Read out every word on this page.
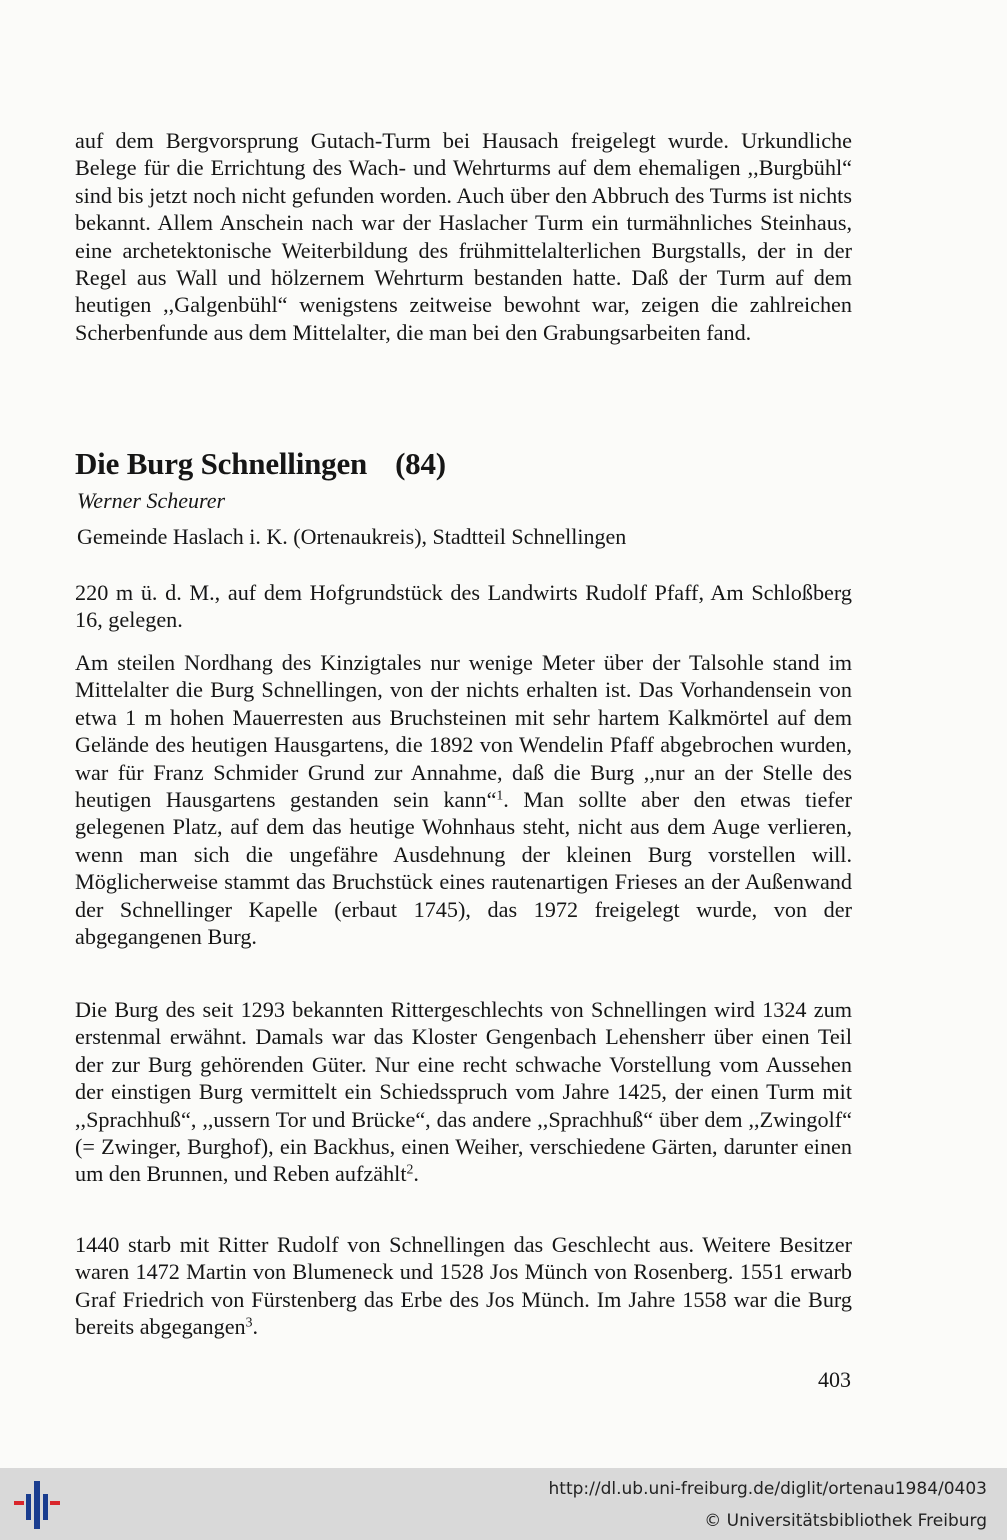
auf dem Bergvorsprung Gutach-Turm bei Hausach freigelegt wurde. Urkundliche Belege für die Errichtung des Wach- und Wehrturms auf dem ehemaligen ,,Burgbühl“ sind bis jetzt noch nicht gefunden worden. Auch über den Abbruch des Turms ist nichts bekannt. Allem Anschein nach war der Haslacher Turm ein turmähnliches Steinhaus, eine archetektonische Weiterbildung des frühmittelalterlichen Burgstalls, der in der Regel aus Wall und hölzernem Wehrturm bestanden hatte. Daß der Turm auf dem heutigen ,,Galgenbühl“ wenigstens zeitweise bewohnt war, zeigen die zahlreichen Scherbenfunde aus dem Mittelalter, die man bei den Grabungsarbeiten fand.

Die Burg Schnellingen (84)

Werner Scheurer

Gemeinde Haslach i. K. (Ortenaukreis), Stadtteil Schnellingen

220 m ü. d. M., auf dem Hofgrundstück des Landwirts Rudolf Pfaff, Am Schloßberg 16, gelegen.

Am steilen Nordhang des Kinzigtales nur wenige Meter über der Talsohle stand im Mittelalter die Burg Schnellingen, von der nichts erhalten ist. Das Vorhandensein von etwa 1 m hohen Mauerresten aus Bruchsteinen mit sehr hartem Kalkmörtel auf dem Gelände des heutigen Hausgartens, die 1892 von Wendelin Pfaff abgebrochen wurden, war für Franz Schmider Grund zur Annahme, daß die Burg ,,nur an der Stelle des heutigen Hausgartens gestanden sein kann“$^1$. Man sollte aber den etwas tiefer gelegenen Platz, auf dem das heutige Wohnhaus steht, nicht aus dem Auge verlieren, wenn man sich die ungefähre Ausdehnung der kleinen Burg vorstellen will. Möglicherweise stammt das Bruchstück eines rautenartigen Frieses an der Außenwand der Schnellinger Kapelle (erbaut 1745), das 1972 freigelegt wurde, von der abgegangenen Burg.

Die Burg des seit 1293 bekannten Rittergeschlechts von Schnellingen wird 1324 zum erstenmal erwähnt. Damals war das Kloster Gengenbach Lehensherr über einen Teil der zur Burg gehörenden Güter. Nur eine recht schwache Vorstellung vom Aussehen der einstigen Burg vermittelt ein Schiedsspruch vom Jahre 1425, der einen Turm mit ,,Sprachhuß“, ,,ussern Tor und Brücke“, das andere ,,Sprachhuß“ über dem ,,Zwingolf“ (= Zwinger, Burghof), ein Backhus, einen Weiher, verschiedene Gärten, darunter einen um den Brunnen, und Reben aufzählt$^2$.

1440 starb mit Ritter Rudolf von Schnellingen das Geschlecht aus. Weitere Besitzer waren 1472 Martin von Blumeneck und 1528 Jos Münch von Rosenberg. 1551 erwarb Graf Friedrich von Fürstenberg das Erbe des Jos Münch. Im Jahre 1558 war die Burg bereits abgegangen$^3$.

403

http://dl.ub.uni-freiburg.de/diglit/ortenau1984/0403
© Universitätsbibliothek Freiburg
